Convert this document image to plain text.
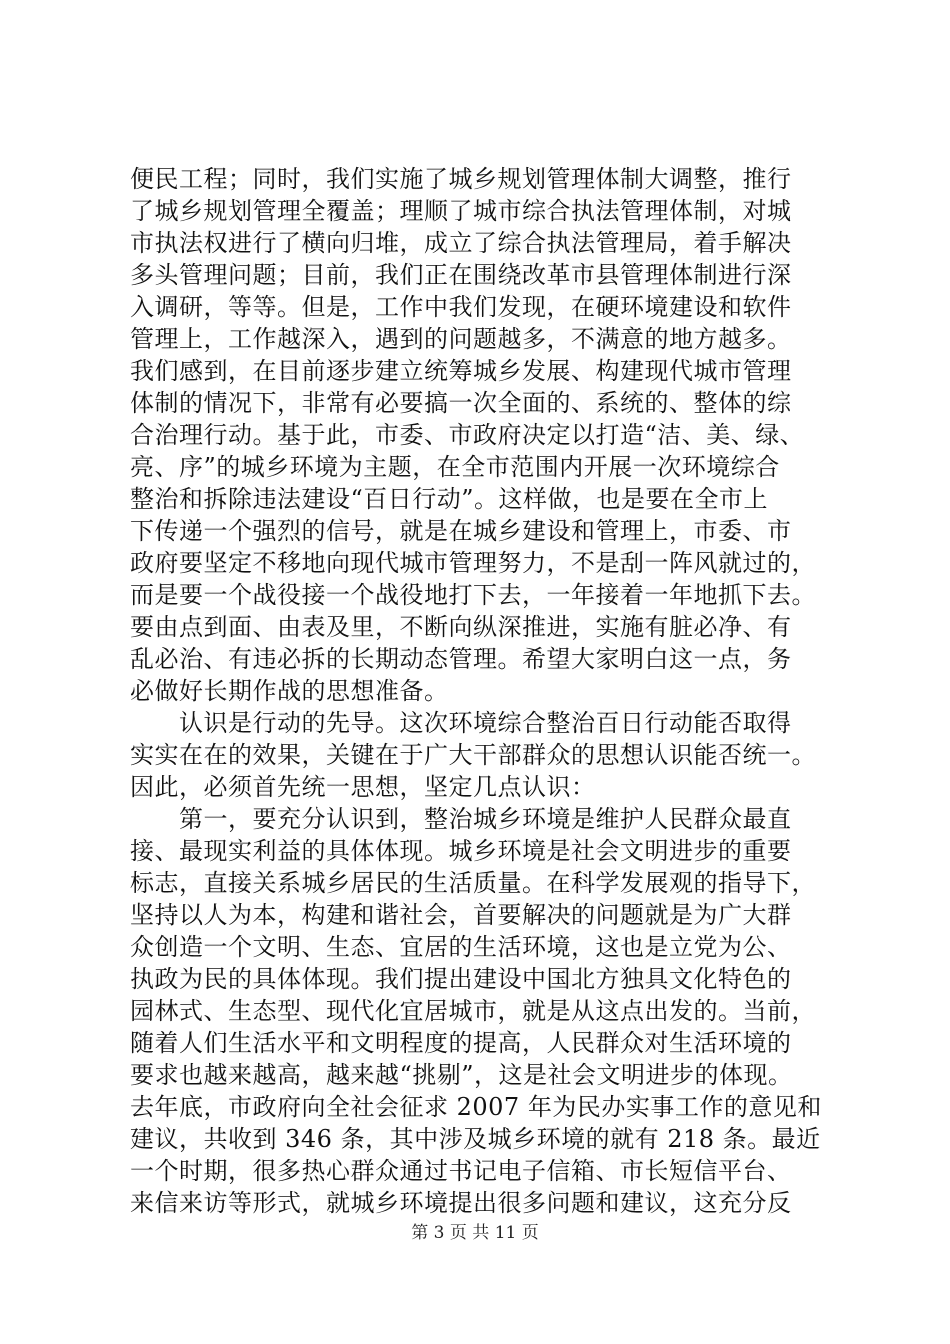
便民工程；同时，我们实施了城乡规划管理体制大调整，推行
了城乡规划管理全覆盖；理顺了城市综合执法管理体制，对城
市执法权进行了横向归堆，成立了综合执法管理局，着手解决
多头管理问题；目前，我们正在围绕改革市县管理体制进行深
入调研，等等。但是，工作中我们发现，在硬环境建设和软件
管理上，工作越深入，遇到的问题越多，不满意的地方越多。
我们感到，在目前逐步建立统筹城乡发展、构建现代城市管理
体制的情况下，非常有必要搞一次全面的、系统的、整体的综
合治理行动。基于此，市委、市政府决定以打造“洁、美、绿、
亮、序”的城乡环境为主题，在全市范围内开展一次环境综合
整治和拆除违法建设“百日行动”。这样做，也是要在全市上
下传递一个强烈的信号，就是在城乡建设和管理上，市委、市
政府要坚定不移地向现代城市管理努力，不是刮一阵风就过的，
而是要一个战役接一个战役地打下去，一年接着一年地抓下去。
要由点到面、由表及里，不断向纵深推进，实施有脏必净、有
乱必治、有违必拆的长期动态管理。希望大家明白这一点，务
必做好长期作战的思想准备。
　　认识是行动的先导。这次环境综合整治百日行动能否取得
实实在在的效果，关键在于广大干部群众的思想认识能否统一。
因此，必须首先统一思想，坚定几点认识：
　　第一，要充分认识到，整治城乡环境是维护人民群众最直
接、最现实利益的具体体现。城乡环境是社会文明进步的重要
标志，直接关系城乡居民的生活质量。在科学发展观的指导下，
坚持以人为本，构建和谐社会，首要解决的问题就是为广大群
众创造一个文明、生态、宜居的生活环境，这也是立党为公、
执政为民的具体体现。我们提出建设中国北方独具文化特色的
园林式、生态型、现代化宜居城市，就是从这点出发的。当前，
随着人们生活水平和文明程度的提高，人民群众对生活环境的
要求也越来越高，越来越“挑剔”，这是社会文明进步的体现。
去年底，市政府向全社会征求 2007 年为民办实事工作的意见和
建议，共收到 346 条，其中涉及城乡环境的就有 218 条。最近
一个时期，很多热心群众通过书记电子信箱、市长短信平台、
来信来访等形式，就城乡环境提出很多问题和建议，这充分反
第 3 页 共 11 页
